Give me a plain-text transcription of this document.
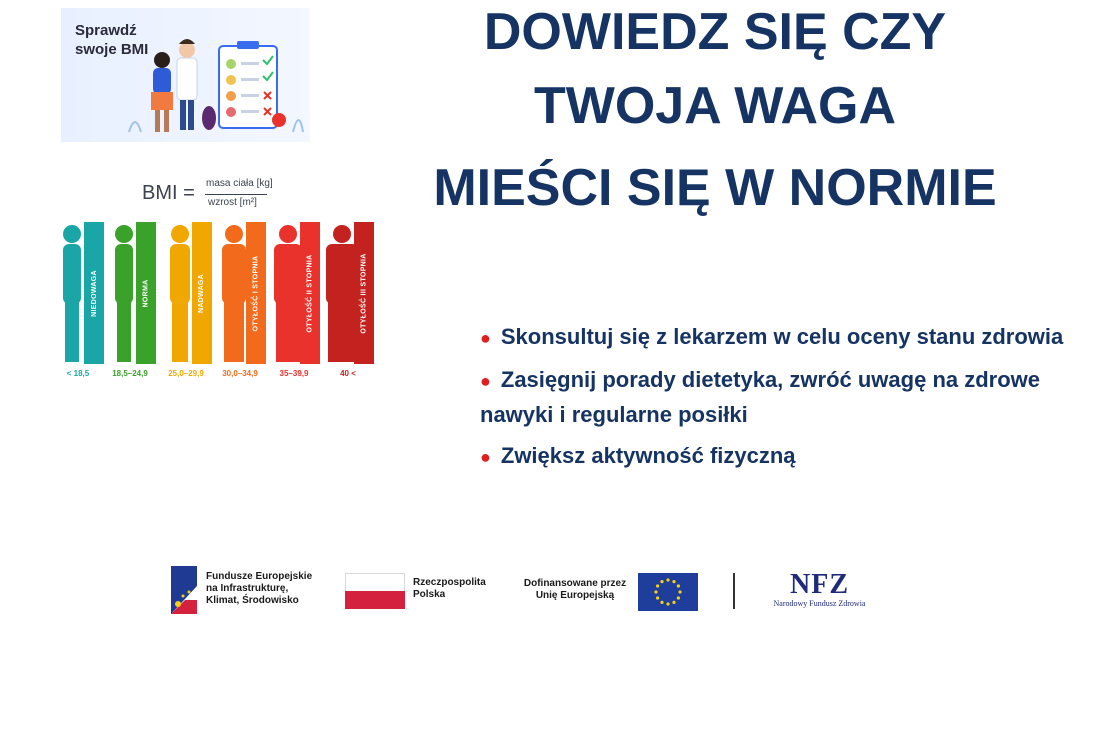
DOWIEDZ SIĘ CZY
TWOJA WAGA
MIEŚCI SIĘ W NORMIE
Sprawdź
swoje BMI
BMI = masa ciała [kg]
wzrost [m²]
NIEDOWAGA
< 18,5
NORMA
18,5–24,9
NADWAGA
25,0–29,9
OTYŁOŚĆ I STOPNIA
30,0–34,9
OTYŁOŚĆ II STOPNIA
35–39,9
OTYŁOŚĆ III STOPNIA
40 <
● Skonsultuj się z lekarzem w celu oceny stanu zdrowia
● Zasięgnij porady dietetyka, zwróć uwagę na zdrowe nawyki i regularne posiłki
● Zwiększ aktywność fizyczną
Fundusze Europejskie
na Infrastrukturę,
Klimat, Środowisko
Rzeczpospolita
Polska
Dofinansowane przez
Unię Europejską	NFZ
Narodowy Fundusz Zdrowia
